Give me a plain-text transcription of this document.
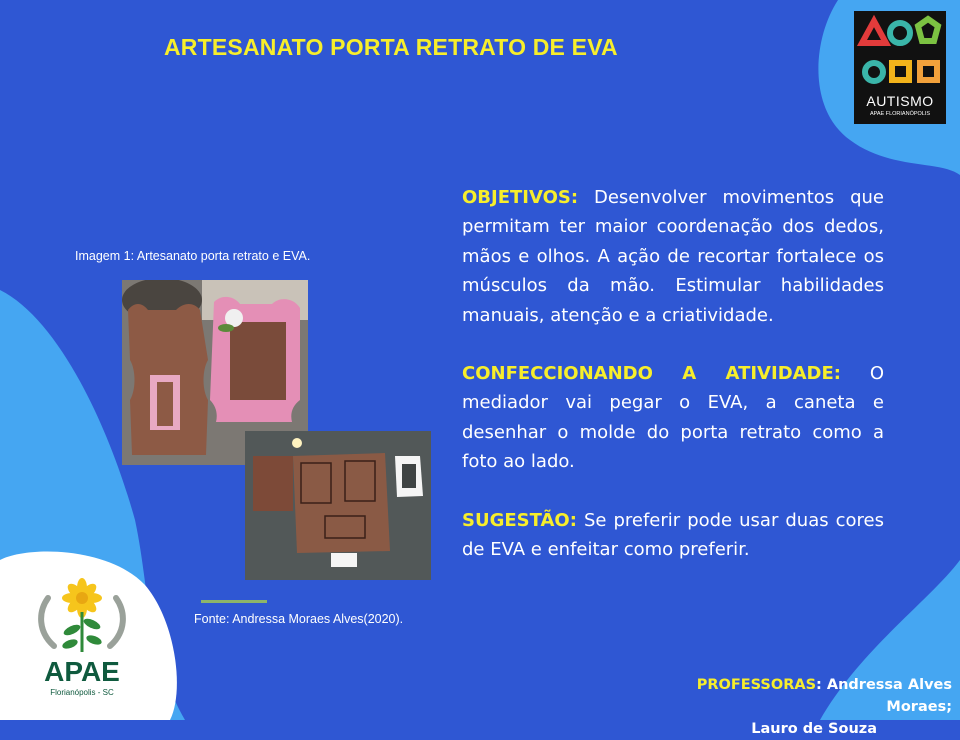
ARTESANATO PORTA RETRATO DE EVA
AUTISMO
APAE FLORIANÓPOLIS
Imagem 1: Artesanato porta retrato e EVA.
Fonte: Andressa Moraes Alves(2020).

OBJETIVOS: Desenvolver movimentos que permitam ter maior coordenação dos dedos, mãos e olhos. A ação de recortar fortalece os músculos da mão. Estimular habilidades manuais, atenção e a criatividade.

CONFECCIONANDO A ATIVIDADE: O mediador vai pegar o EVA, a caneta e desenhar o molde do porta retrato como a foto ao lado.

SUGESTÃO: Se preferir pode usar duas cores de EVA e enfeitar como preferir.

APAE
Florianópolis - SC	PROFESSORAS: Andressa Alves Moraes;
Lauro de Souza
